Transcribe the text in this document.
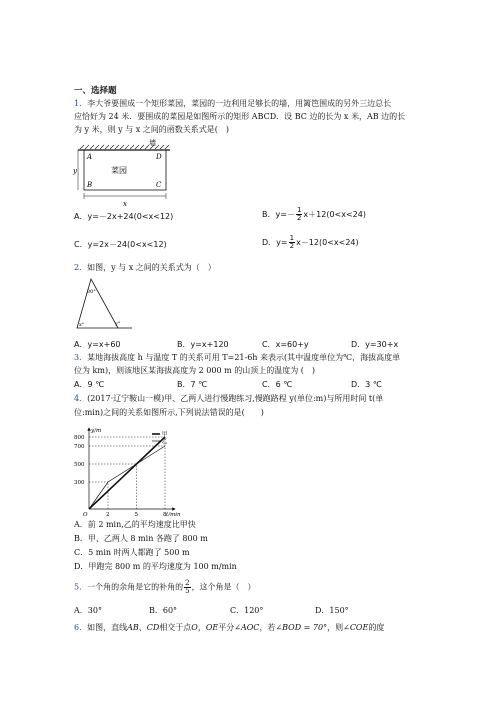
一、选择题
1．李大爷要围成一个矩形菜园，菜园的一边利用足够长的墙，用篱笆围成的另外三边总长
应恰好为 24 米．要围成的菜园是如图所示的矩形 ABCD．设 BC 边的长为 x 米，AB 边的长
为 y 米，则 y 与 x 之间的函数关系式是(　)
墙
菜园
A	D
B	C
y
x
A．y=－2x+24(0<x<12)	B．$y=- \frac{1}{2} x+12(0<x<24)$
C．y=2x－24(0<x<12)	D．$y= \frac{1}{2} x-12(0<x<24)$
2．如图，y 与 x 之间的关系式为（　）
30°
x°	y°
A．y=x+60	B．y=x+120	C．x=60+y	D．y=30+x
3．某地海拔高度 h 与温度 T 的关系可用 T=21-6h 来表示(其中温度单位为℃，海拔高度单
位为 km)，则该地区某海拔高度为 2 000 m 的山顶上的温度为 (　)
A．9 ℃	B．7 ℃	C．6 ℃	D．3 ℃
4．(2017·辽宁鞍山一模)甲、乙两人进行慢跑练习,慢跑路程 y(单位:m)与所用时间 t(单
位:min)之间的关系如图所示,下列说法错误的是(　　)
800
700
500
300
2	5	8
y/m
t/min
O
甲
乙
A．前 2 min,乙的平均速度比甲快
B．甲、乙两人 8 min 各跑了 800 m
C．5 min 时两人都跑了 500 m
D．甲跑完 800 m 的平均速度为 100 m/min
5．一个角的余角是它的补角的 $\frac{2}{5}$ ，这个角是（　）
A．30°	B．60°	C．120°	D．150°
6．如图，直线AB、CD相交于点O，OE平分∠AOC，若∠BOD = 70°，则∠COE的度
